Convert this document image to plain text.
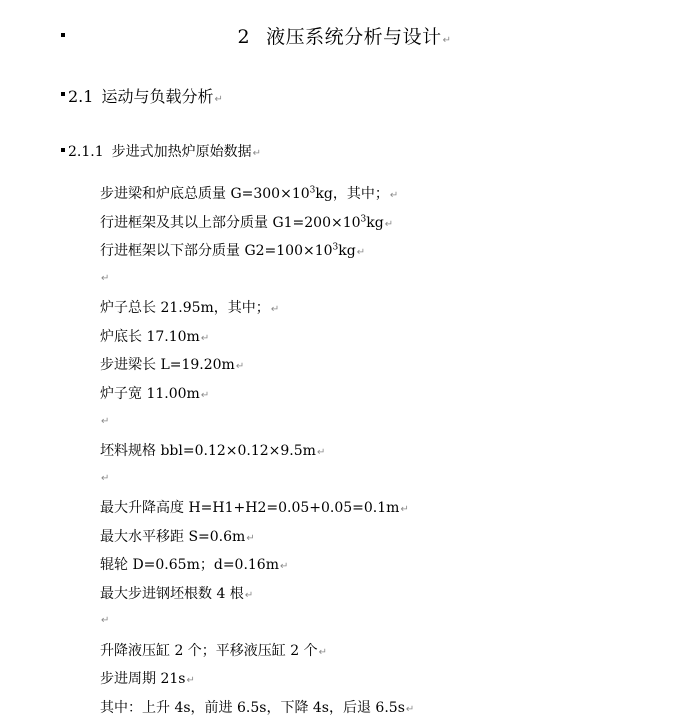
2 液压系统分析与设计↵
2.1 运动与负载分析↵
2.1.1 步进式加热炉原始数据↵
步进梁和炉底总质量 $G=300\times 10^3kg$，其中；↵
行进框架及其以上部分质量 $G1=200\times 10^3kg↵$
行进框架以下部分质量 $G2=100\times 10^3kg↵$
↵
炉子总长 21.95m，其中；↵
炉底长 17.10m↵
步进梁长 L=19.20m↵
炉子宽 11.00m↵
↵
坯料规格 bbl=0.12×0.12×9.5m↵
↵
最大升降高度 H=H1+H2=0.05+0.05=0.1m↵
最大水平移距 S=0.6m↵
辊轮 D=0.65m；d=0.16m↵
最大步进钢坯根数 4 根↵
↵
升降液压缸 2 个；平移液压缸 2 个↵
步进周期 21s↵
其中：上升 4s，前进 6.5s，下降 4s，后退 6.5s↵
